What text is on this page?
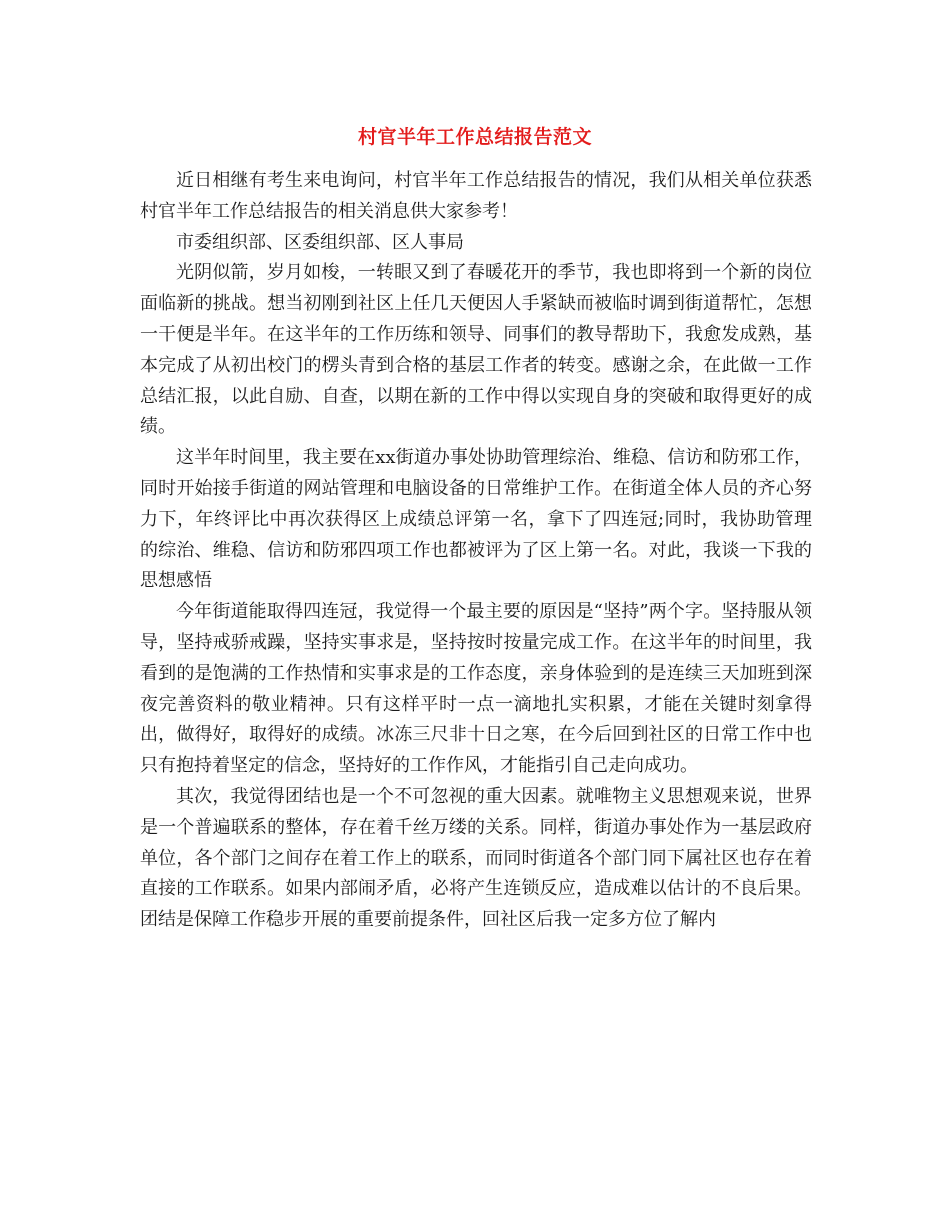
村官半年工作总结报告范文

近日相继有考生来电询问，村官半年工作总结报告的情况，我们从相关单位获悉村官半年工作总结报告的相关消息供大家参考！

市委组织部、区委组织部、区人事局

光阴似箭，岁月如梭，一转眼又到了春暖花开的季节，我也即将到一个新的岗位面临新的挑战。想当初刚到社区上任几天便因人手紧缺而被临时调到街道帮忙，怎想一干便是半年。在这半年的工作历练和领导、同事们的教导帮助下，我愈发成熟，基本完成了从初出校门的楞头青到合格的基层工作者的转变。感谢之余，在此做一工作总结汇报，以此自励、自查，以期在新的工作中得以实现自身的突破和取得更好的成绩。

这半年时间里，我主要在xx街道办事处协助管理综治、维稳、信访和防邪工作，同时开始接手街道的网站管理和电脑设备的日常维护工作。在街道全体人员的齐心努力下，年终评比中再次获得区上成绩总评第一名，拿下了四连冠;同时，我协助管理的综治、维稳、信访和防邪四项工作也都被评为了区上第一名。对此，我谈一下我的思想感悟

今年街道能取得四连冠，我觉得一个最主要的原因是“坚持”两个字。坚持服从领导，坚持戒骄戒躁，坚持实事求是，坚持按时按量完成工作。在这半年的时间里，我看到的是饱满的工作热情和实事求是的工作态度，亲身体验到的是连续三天加班到深夜完善资料的敬业精神。只有这样平时一点一滴地扎实积累，才能在关键时刻拿得出，做得好，取得好的成绩。冰冻三尺非十日之寒，在今后回到社区的日常工作中也只有抱持着坚定的信念，坚持好的工作作风，才能指引自己走向成功。

其次，我觉得团结也是一个不可忽视的重大因素。就唯物主义思想观来说，世界是一个普遍联系的整体，存在着千丝万缕的关系。同样，街道办事处作为一基层政府单位，各个部门之间存在着工作上的联系，而同时街道各个部门同下属社区也存在着直接的工作联系。如果内部闹矛盾，必将产生连锁反应，造成难以估计的不良后果。团结是保障工作稳步开展的重要前提条件，回社区后我一定多方位了解内
